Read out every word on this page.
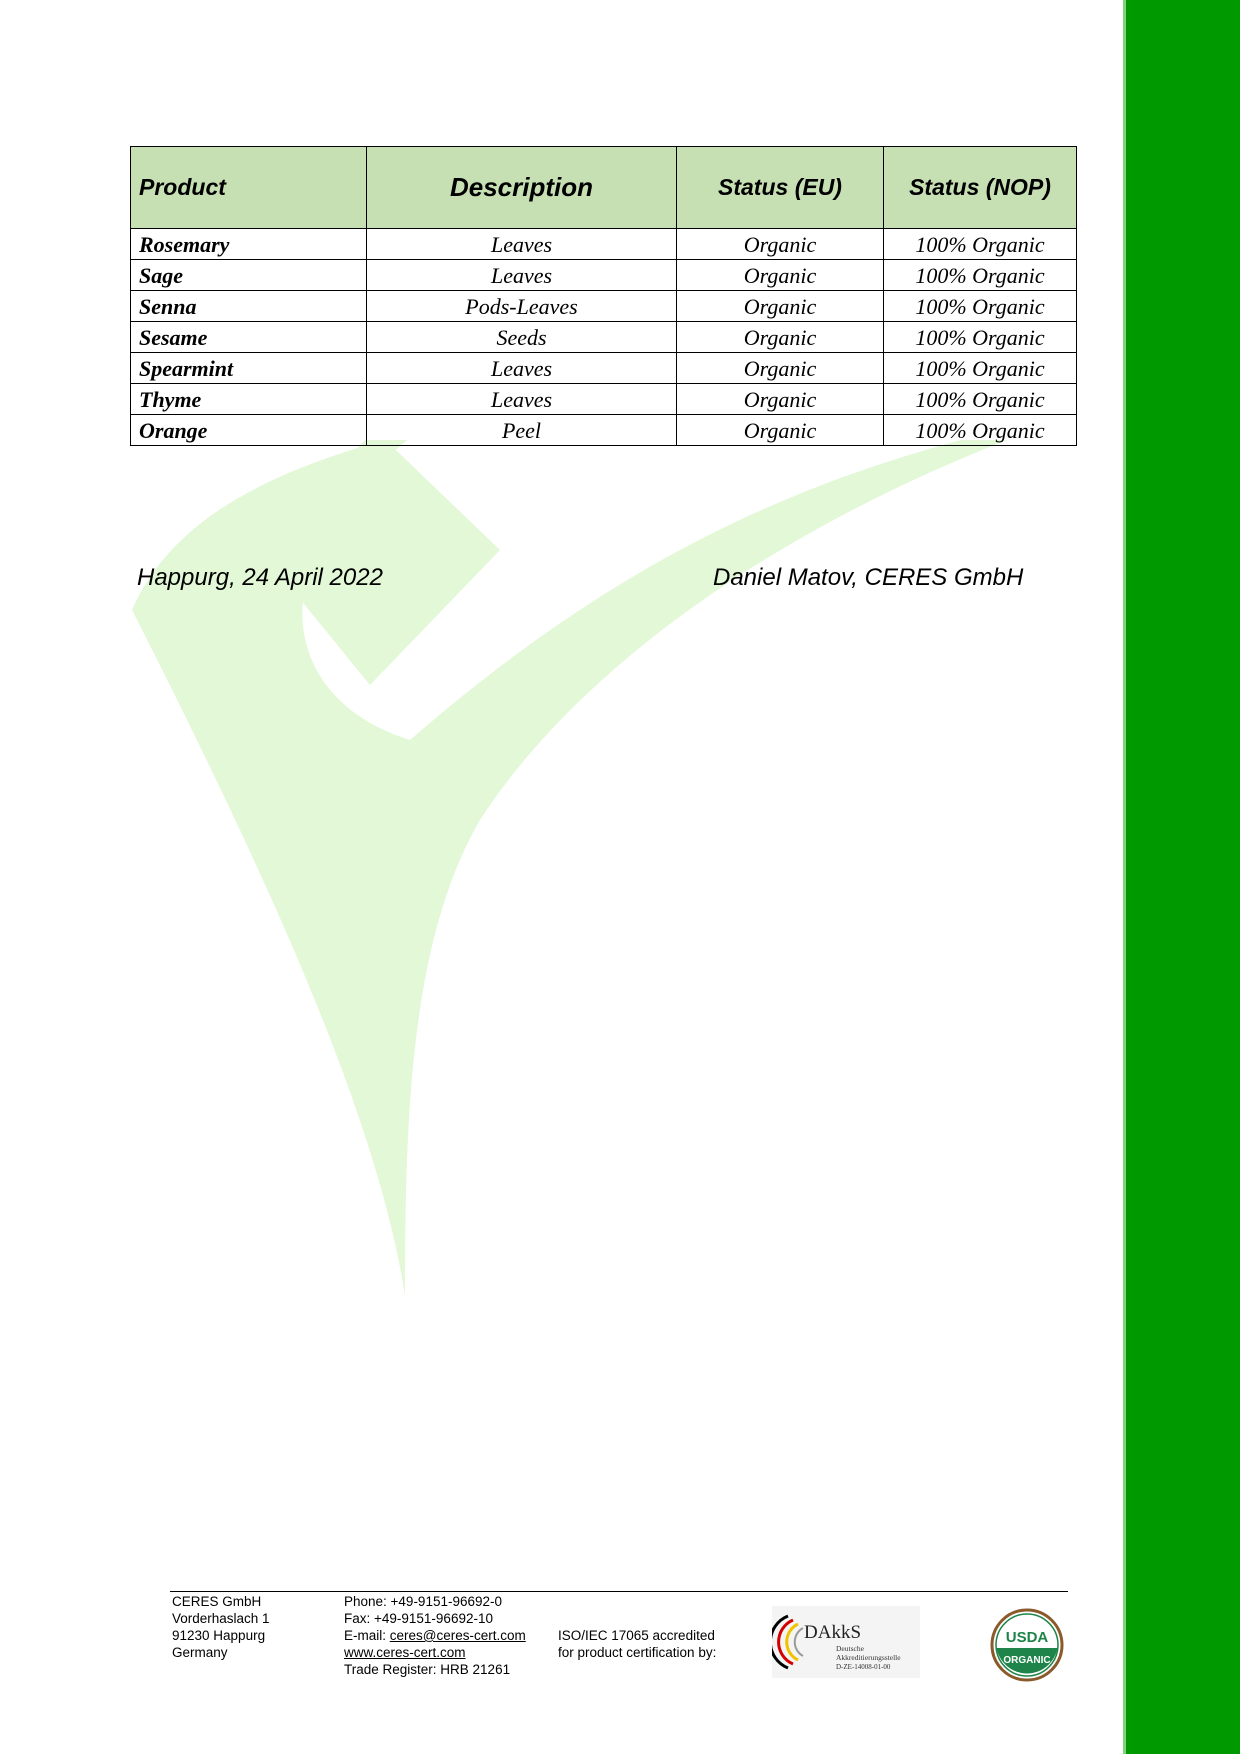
Product	Description	Status (EU)	Status (NOP)
Rosemary	Leaves	Organic	100% Organic
Sage	Leaves	Organic	100% Organic
Senna	Pods-Leaves	Organic	100% Organic
Sesame	Seeds	Organic	100% Organic
Spearmint	Leaves	Organic	100% Organic
Thyme	Leaves	Organic	100% Organic
Orange	Peel	Organic	100% Organic
Happurg, 24 April 2022	Daniel Matov, CERES GmbH
CERES GmbH
Vorderhaslach 1
91230 Happurg
Germany
Phone: +49-9151-96692-0
Fax: +49-9151-96692-10
E-mail: ceres@ceres-cert.com
www.ceres-cert.com
Trade Register: HRB 21261
ISO/IEC 17065 accredited
for product certification by:
DAkkS
Deutsche
Akkreditierungsstelle
D-ZE-14008-01-00
USDA
ORGANIC
